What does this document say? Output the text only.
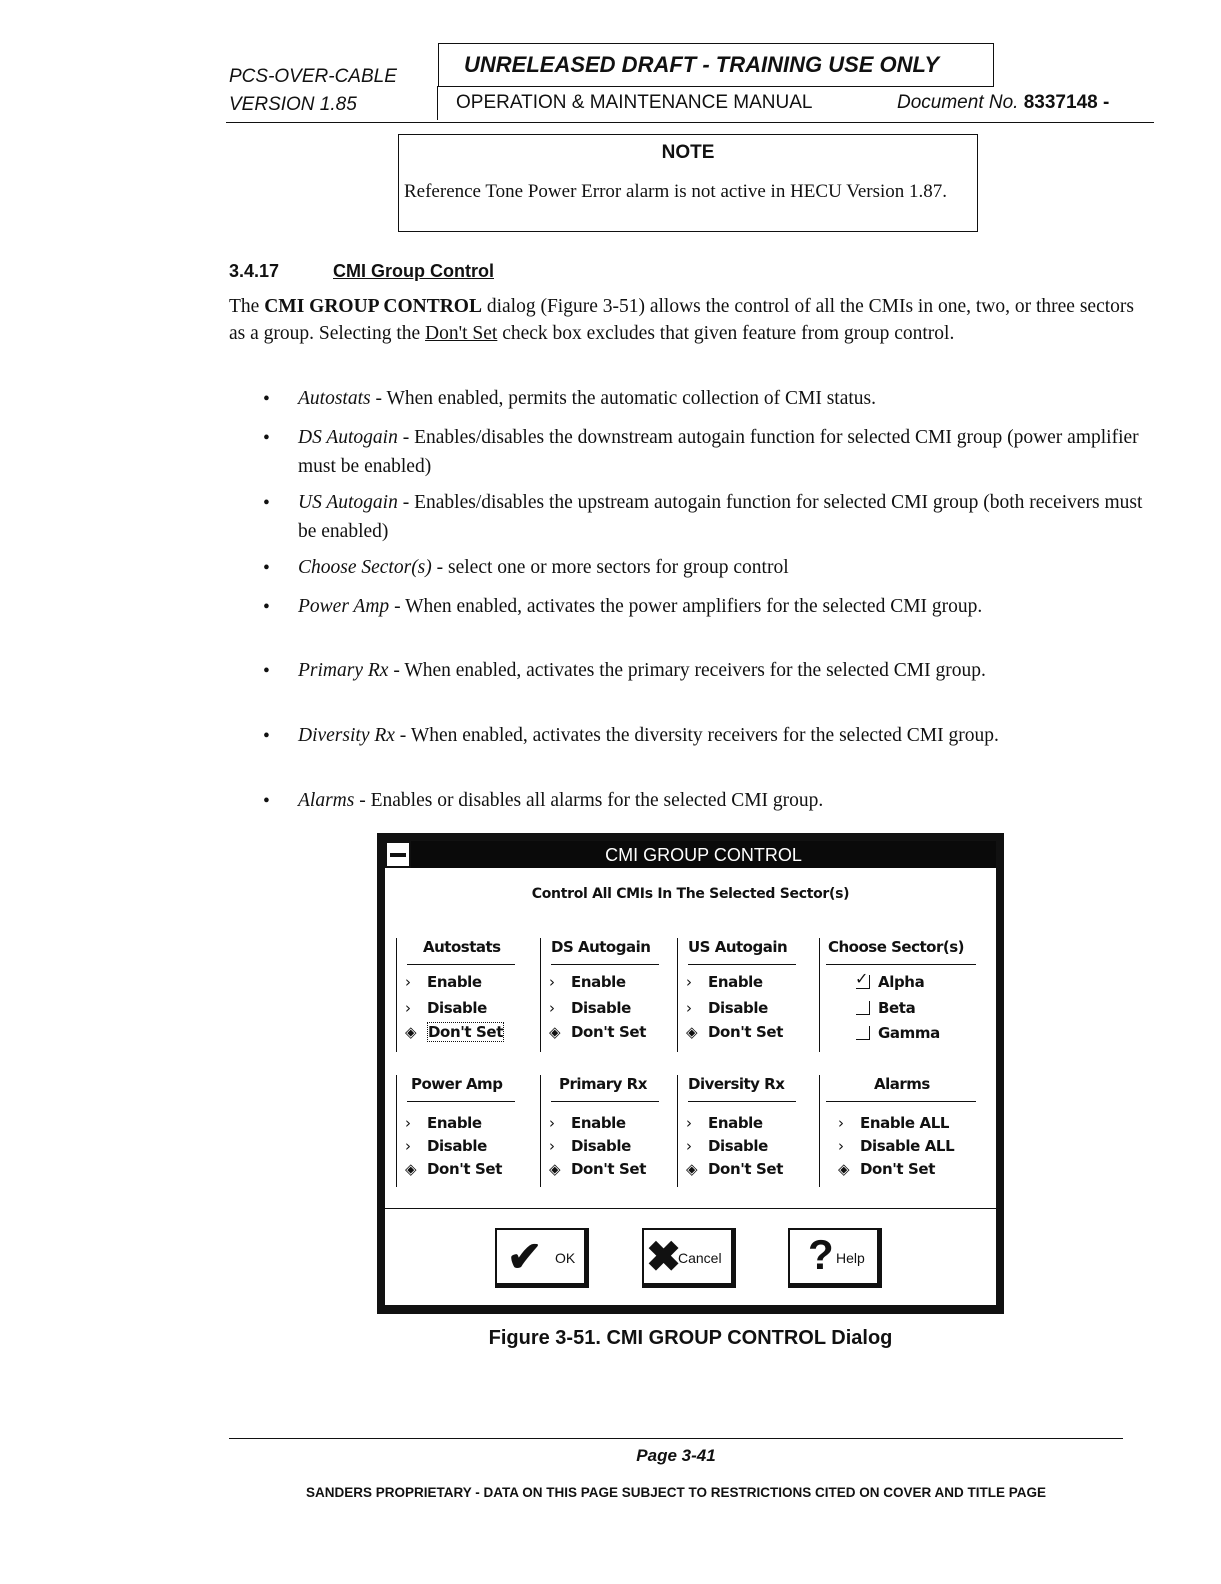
PCS-OVER-CABLE
VERSION 1.85
UNRELEASED DRAFT - TRAINING USE ONLY
OPERATION & MAINTENANCE MANUAL	Document No. 8337148 -
NOTE
Reference Tone Power Error alarm is not active in HECU Version 1.87.
3.4.17	CMI Group Control
The CMI GROUP CONTROL dialog (Figure 3-51) allows the control of all the CMIs in one, two, or three sectors as a group. Selecting the Don't Set check box excludes that given feature from group control.
• Autostats - When enabled, permits the automatic collection of CMI status.
• DS Autogain - Enables/disables the downstream autogain function for selected CMI group (power amplifier must be enabled)
• US Autogain - Enables/disables the upstream autogain function for selected CMI group (both receivers must be enabled)
• Choose Sector(s) - select one or more sectors for group control
• Power Amp - When enabled, activates the power amplifiers for the selected CMI group.
• Primary Rx - When enabled, activates the primary receivers for the selected CMI group.
• Diversity Rx - When enabled, activates the diversity receivers for the selected CMI group.
• Alarms - Enables or disables all alarms for the selected CMI group.
CMI GROUP CONTROL
Control All CMIs In The Selected Sector(s)
Autostats
› Enable
› Disable
◈ Don't Set
DS Autogain
› Enable
› Disable
◈ Don't Set
US Autogain
› Enable
› Disable
◈ Don't Set
Choose Sector(s)
✓Alpha
Beta
Gamma
Power Amp
› Enable
› Disable
◈ Don't Set
Primary Rx
› Enable
› Disable
◈ Don't Set
Diversity Rx
› Enable
› Disable
◈ Don't Set
Alarms
› Enable ALL
› Disable ALL
◈ Don't Set
✔ OK ✖
Cancel ? Help
Figure 3-51. CMI GROUP CONTROL Dialog
Page 3-41
SANDERS PROPRIETARY - DATA ON THIS PAGE SUBJECT TO RESTRICTIONS CITED ON COVER AND TITLE PAGE
